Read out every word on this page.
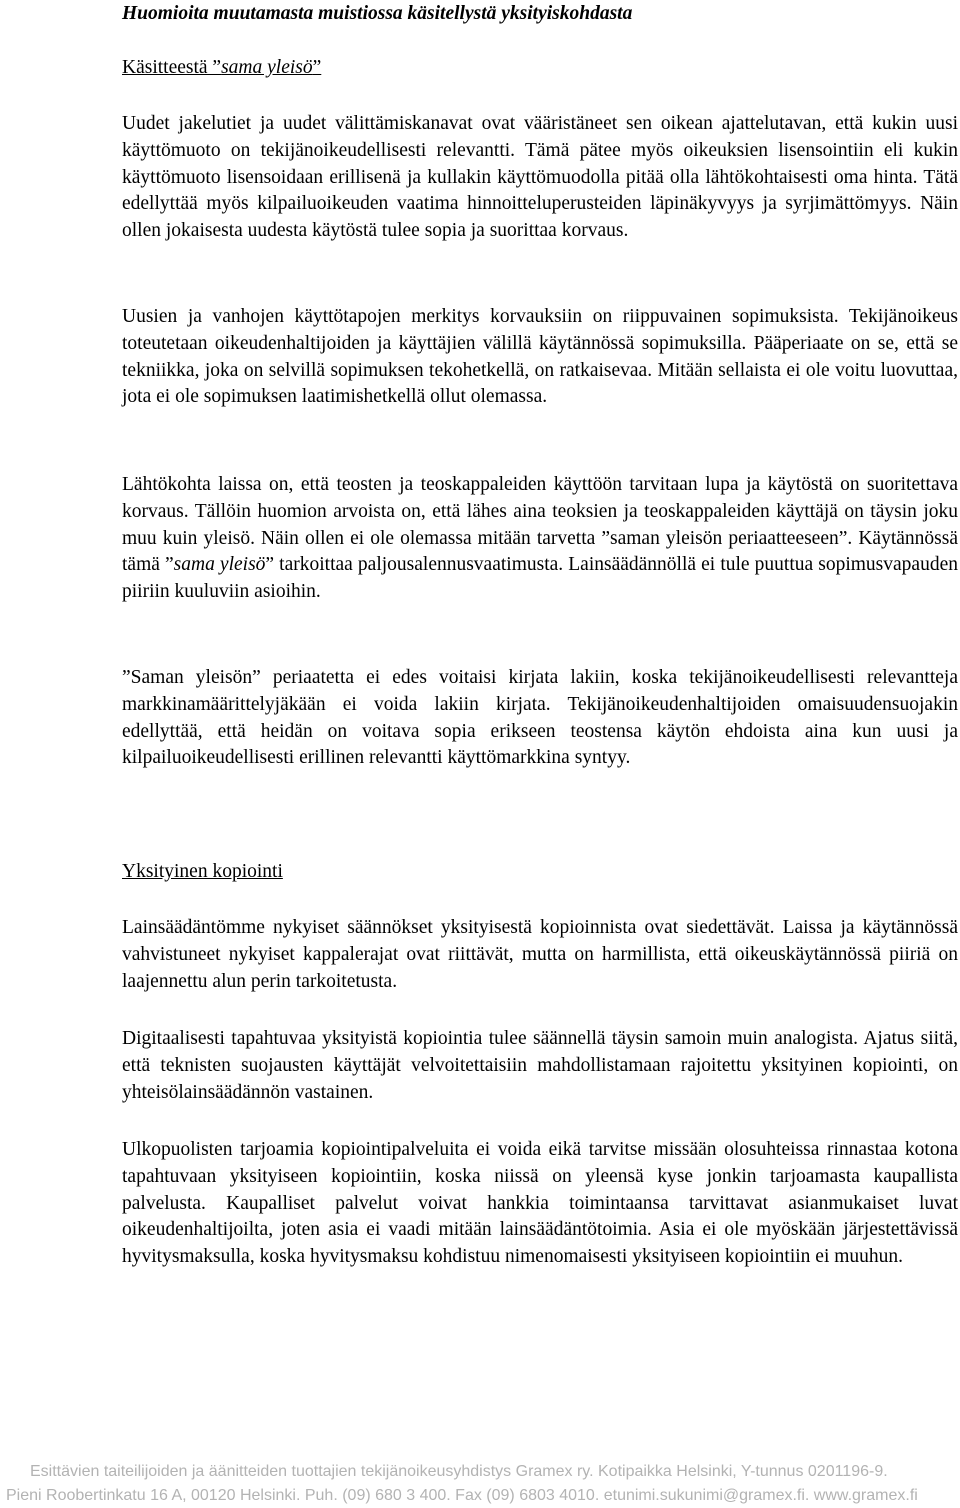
Huomioita muutamasta muistiossa käsitellystä yksityiskohdasta
Käsitteestä ”sama yleisö”

Uudet jakelutiet ja uudet välittämiskanavat ovat vääristäneet sen oikean ajattelutavan, että kukin uusi käyttömuoto on tekijänoikeudellisesti relevantti. Tämä pätee myös oikeuksien lisensointiin eli kukin käyttömuoto lisensoidaan erillisenä ja kullakin käyttömuodolla pitää olla lähtökohtaisesti oma hinta. Tätä edellyttää myös kilpailuoikeuden vaatima hinnoitteluperusteiden läpinäkyvyys ja syrjimättömyys. Näin ollen jokaisesta uudesta käytöstä tulee sopia ja suorittaa korvaus.

Uusien ja vanhojen käyttötapojen merkitys korvauksiin on riippuvainen sopimuksista. Tekijänoikeus toteutetaan oikeudenhaltijoiden ja käyttäjien välillä käytännössä sopimuksilla. Pääperiaate on se, että se tekniikka, joka on selvillä sopimuksen tekohetkellä, on ratkaisevaa. Mitään sellaista ei ole voitu luovuttaa, jota ei ole sopimuksen laatimishetkellä ollut olemassa.

Lähtökohta laissa on, että teosten ja teoskappaleiden käyttöön tarvitaan lupa ja käytöstä on suoritettava korvaus. Tällöin huomion arvoista on, että lähes aina teoksien ja teoskappaleiden käyttäjä on täysin joku muu kuin yleisö. Näin ollen ei ole olemassa mitään tarvetta ”saman yleisön periaatteeseen”. Käytännössä tämä ”sama yleisö” tarkoittaa paljousalennusvaatimusta. Lainsäädännöllä ei tule puuttua sopimusvapauden piiriin kuuluviin asioihin.

”Saman yleisön” periaatetta ei edes voitaisi kirjata lakiin, koska tekijänoikeudellisesti relevantteja markkinamäärittelyjäkään ei voida lakiin kirjata. Tekijänoikeudenhaltijoiden omaisuudensuojakin edellyttää, että heidän on voitava sopia erikseen teostensa käytön ehdoista aina kun uusi ja kilpailuoikeudellisesti erillinen relevantti käyttömarkkina syntyy.

Yksityinen kopiointi

Lainsäädäntömme nykyiset säännökset yksityisestä kopioinnista ovat siedettävät. Laissa ja käytännössä vahvistuneet nykyiset kappalerajat ovat riittävät, mutta on harmillista, että oikeuskäytännössä piiriä on laajennettu alun perin tarkoitetusta.

Digitaalisesti tapahtuvaa yksityistä kopiointia tulee säännellä täysin samoin muin analogista. Ajatus siitä, että teknisten suojausten käyttäjät velvoitettaisiin mahdollistamaan rajoitettu yksityinen kopiointi, on yhteisölainsäädännön vastainen.

Ulkopuolisten tarjoamia kopiointipalveluita ei voida eikä tarvitse missään olosuhteissa rinnastaa kotona tapahtuvaan yksityiseen kopiointiin, koska niissä on yleensä kyse jonkin tarjoamasta kaupallista palvelusta. Kaupalliset palvelut voivat hankkia toimintaansa tarvittavat asianmukaiset luvat oikeudenhaltijoilta, joten asia ei vaadi mitään lainsäädäntötoimia. Asia ei ole myöskään järjestettävissä hyvitysmaksulla, koska hyvitysmaksu kohdistuu nimenomaisesti yksityiseen kopiointiin ei muuhun.

Esittävien taiteilijoiden ja äänitteiden tuottajien tekijänoikeusyhdistys Gramex ry. Kotipaikka Helsinki, Y-tunnus 0201196-9.
Pieni Roobertinkatu 16 A, 00120 Helsinki. Puh. (09) 680 3 400. Fax (09) 6803 4010. etunimi.sukunimi@gramex.fi. www.gramex.fi
